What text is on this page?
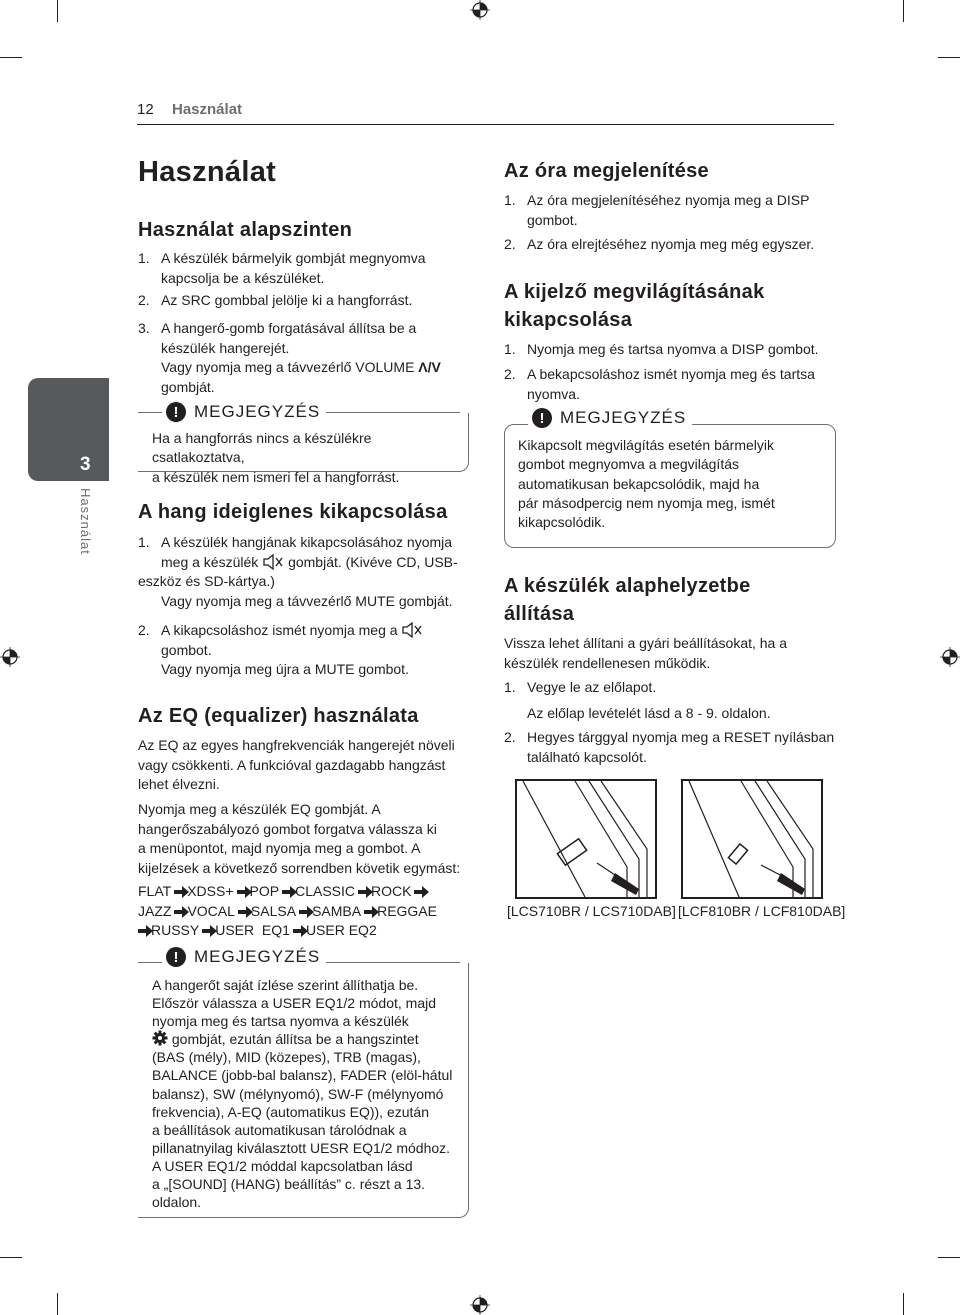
12 Használat
3
Használat
Használat
Használat alapszinten
1. A készülék bármelyik gombját megnyomva
kapcsolja be a készüléket.
2. Az SRC gombbal jelölje ki a hangforrást.
3. A hangerő-gomb forgatásával állítsa be a
készülék hangerejét.
Vagy nyomja meg a távvezérlő VOLUME Λ/V
gombját.
! MEGJEGYZÉS
Ha a hangforrás nincs a készülékre csatlakoztatva,
a készülék nem ismeri fel a hangforrást.
A hang ideiglenes kikapcsolása
1. A készülék hangjának kikapcsolásához nyomja
meg a készülék gombját. (Kivéve CD, USB-
eszköz és SD-kártya.)
Vagy nyomja meg a távvezérlő MUTE gombját.
2. A kikapcsoláshoz ismét nyomja meg a
gombot.
Vagy nyomja meg újra a MUTE gombot.
Az EQ (equalizer) használata
Az EQ az egyes hangfrekvenciák hangerejét növeli
vagy csökkenti. A funkcióval gazdagabb hangzást
lehet élvezni.
Nyomja meg a készülék EQ gombját. A
hangerőszabályozó gombot forgatva válassza ki
a menüpontot, majd nyomja meg a gombot. A
kijelzések a következő sorrendben követik egymást:
FLAT XDSS+ POP CLASSIC ROCK
JAZZ VOCAL SALSA SAMBA REGGAE
RUSSY USER  EQ1 USER EQ2
! MEGJEGYZÉS
A hangerőt saját ízlése szerint állíthatja be.
Először válassza a USER EQ1/2 módot, majd
nyomja meg és tartsa nyomva a készülék
gombját, ezután állítsa be a hangszintet
(BAS (mély), MID (közepes), TRB (magas),
BALANCE (jobb-bal balansz), FADER (elöl-hátul
balansz), SW (mélynyomó), SW-F (mélynyomó
frekvencia), A-EQ (automatikus EQ)), ezután
a beállítások automatikusan tárolódnak a
pillanatnyilag kiválasztott UESR EQ1/2 módhoz.
A USER EQ1/2 móddal kapcsolatban lásd
a „[SOUND] (HANG) beállítás” c. részt a 13.
oldalon.
Az óra megjelenítése
1. Az óra megjelenítéséhez nyomja meg a DISP
gombot.
2. Az óra elrejtéséhez nyomja meg még egyszer.
A kijelző megvilágításának
kikapcsolása
1. Nyomja meg és tartsa nyomva a DISP gombot.
2. A bekapcsoláshoz ismét nyomja meg és tartsa
nyomva.
! MEGJEGYZÉS
Kikapcsolt megvilágítás esetén bármelyik
gombot megnyomva a megvilágítás
automatikusan bekapcsolódik, majd ha
pár másodpercig nem nyomja meg, ismét
kikapcsolódik.
A készülék alaphelyzetbe
állítása
Vissza lehet állítani a gyári beállításokat, ha a
készülék rendellenesen működik.
1. Vegye le az előlapot.
Az előlap levételét lásd a 8 - 9. oldalon.
2. Hegyes tárggyal nyomja meg a RESET nyílásban
található kapcsolót.
[LCS710BR / LCS710DAB] [LCF810BR / LCF810DAB]
